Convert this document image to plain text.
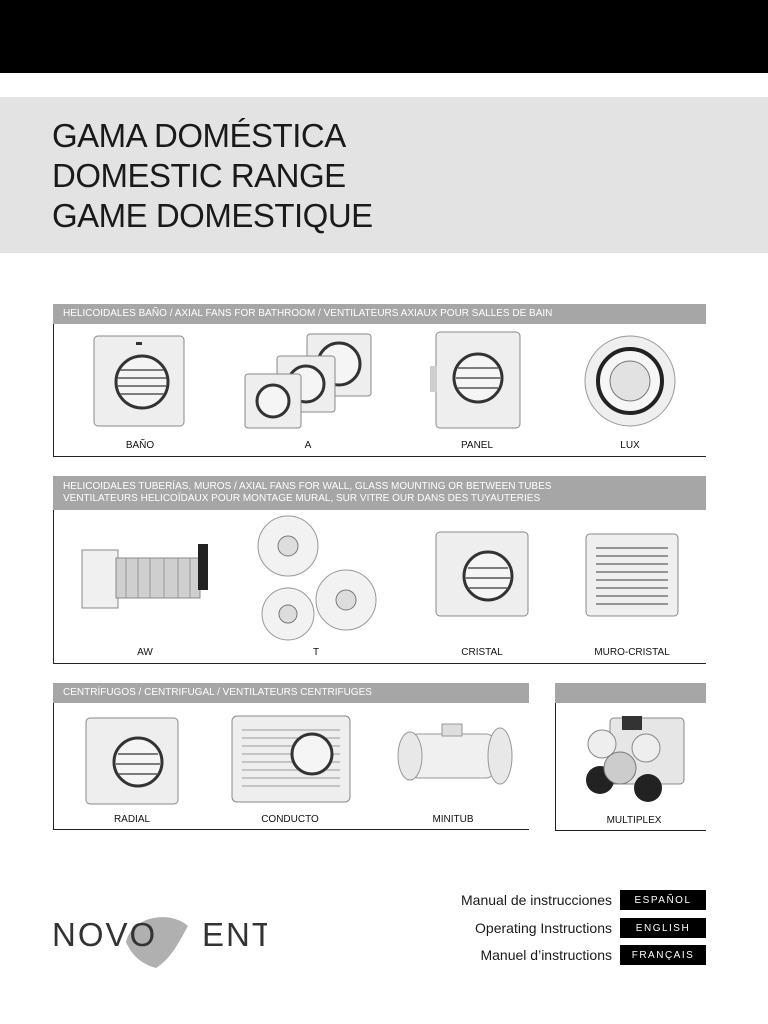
GAMA DOMÉSTICA
DOMESTIC RANGE
GAME DOMESTIQUE
HELICOIDALES BAÑO / AXIAL FANS FOR BATHROOM / VENTILATEURS AXIAUX POUR SALLES DE BAIN
BAÑO	A	PANEL	LUX
HELICOIDALES TUBERÍAS, MUROS / AXIAL FANS FOR WALL, GLASS MOUNTING OR BETWEEN TUBES
VENTILATEURS HELICOÏDAUX POUR MONTAGE MURAL, SUR VITRE OUR DANS DES TUYAUTERIES
AW	T	CRISTAL	MURO-CRISTAL
CENTRÍFUGOS / CENTRIFUGAL / VENTILATEURS CENTRIFUGES
RADIAL	CONDUCTO	MINITUB	MULTIPLEX
NOVO ENT
Manual de instrucciones	ESPAÑOL
Operating Instructions	ENGLISH
Manuel d’instructions	FRANÇAIS
